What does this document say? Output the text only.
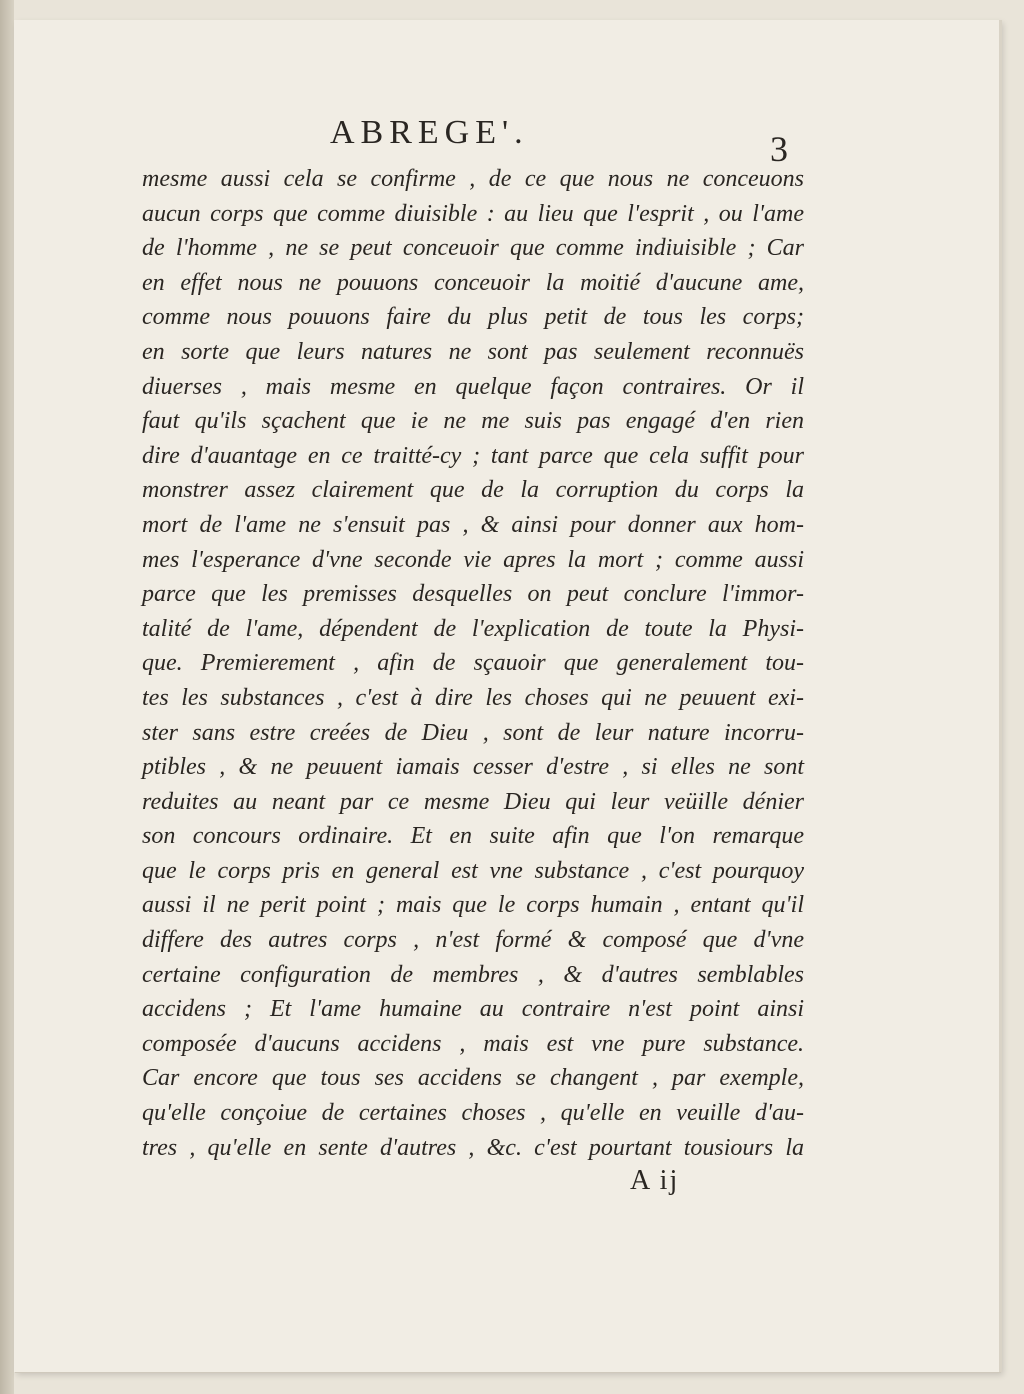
ABREGE'.	3
mesme aussi cela se confirme , de ce que nous ne conceuons
aucun corps que comme diuisible : au lieu que l'esprit , ou l'ame
de l'homme , ne se peut conceuoir que comme indiuisible ; Car
en effet nous ne pouuons conceuoir la moitié d'aucune ame,
comme nous pouuons faire du plus petit de tous les corps;
en sorte que leurs natures ne sont pas seulement reconnuës
diuerses , mais mesme en quelque façon contraires. Or il
faut qu'ils sçachent que ie ne me suis pas engagé d'en rien
dire d'auantage en ce traitté-cy ; tant parce que cela suffit pour
monstrer assez clairement que de la corruption du corps la
mort de l'ame ne s'ensuit pas , & ainsi pour donner aux hom-
mes l'esperance d'vne seconde vie apres la mort ; comme aussi
parce que les premisses desquelles on peut conclure l'immor-
talité de l'ame, dépendent de l'explication de toute la Physi-
que. Premierement , afin de sçauoir que generalement tou-
tes les substances , c'est à dire les choses qui ne peuuent exi-
ster sans estre creées de Dieu , sont de leur nature incorru-
ptibles , & ne peuuent iamais cesser d'estre , si elles ne sont
reduites au neant par ce mesme Dieu qui leur veüille dénier
son concours ordinaire. Et en suite afin que l'on remarque
que le corps pris en general est vne substance , c'est pourquoy
aussi il ne perit point ; mais que le corps humain , entant qu'il
differe des autres corps , n'est formé & composé que d'vne
certaine configuration de membres , & d'autres semblables
accidens ; Et l'ame humaine au contraire n'est point ainsi
composée d'aucuns accidens , mais est vne pure substance.
Car encore que tous ses accidens se changent , par exemple,
qu'elle conçoiue de certaines choses , qu'elle en veuille d'au-
tres , qu'elle en sente d'autres , &c. c'est pourtant tousiours la
A ij
